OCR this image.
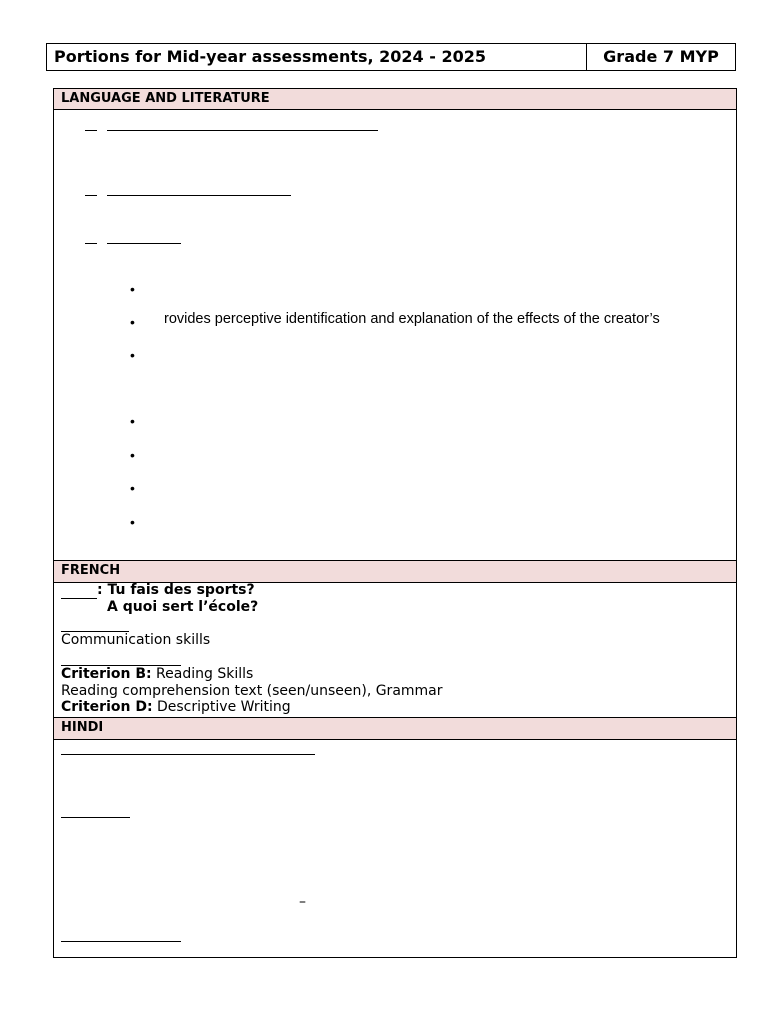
Portions for Mid-year assessments, 2024 - 2025	Grade 7 MYP
LANGUAGE AND LITERATURE
•
• rovides perceptive identification and explanation of the effects of the creator’s
•
•
•
•
•
FRENCH
: Tu fais des sports?
A quoi sert l’école?
Communication skills
Criterion B: Reading Skills
Reading comprehension text (seen/unseen), Grammar
Criterion D: Descriptive Writing
HINDI
–
